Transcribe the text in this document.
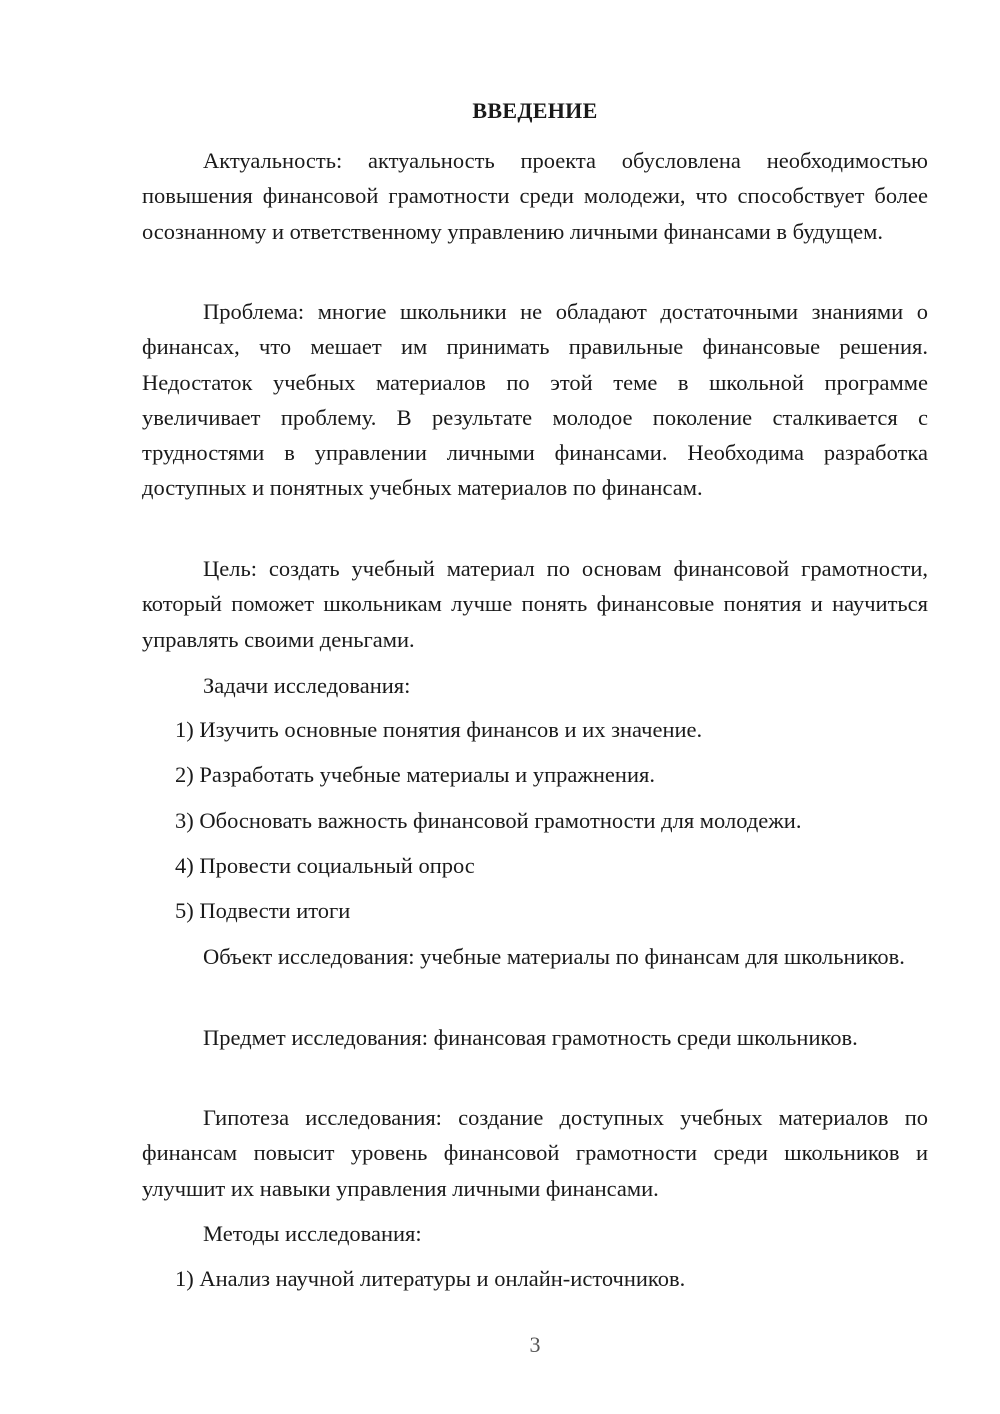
ВВЕДЕНИЕ

Актуальность: актуальность проекта обусловлена необходимостью повышения финансовой грамотности среди молодежи, что способствует более осознанному и ответственному управлению личными финансами в будущем.

Проблема: многие школьники не обладают достаточными знаниями о финансах, что мешает им принимать правильные финансовые решения. Недостаток учебных материалов по этой теме в школьной программе увеличивает проблему. В результате молодое поколение сталкивается с трудностями в управлении личными финансами. Необходима разработка доступных и понятных учебных материалов по финансам.

Цель: создать учебный материал по основам финансовой грамотности, который поможет школьникам лучше понять финансовые понятия и научиться управлять своими деньгами.

Задачи исследования:

1) Изучить основные понятия финансов и их значение.

2) Разработать учебные материалы и упражнения.

3) Обосновать важность финансовой грамотности для молодежи.

4) Провести социальный опрос

5) Подвести итоги

Объект исследования: учебные материалы по финансам для школьников.

Предмет исследования: финансовая грамотность среди школьников.

Гипотеза исследования: создание доступных учебных материалов по финансам повысит уровень финансовой грамотности среди школьников и улучшит их навыки управления личными финансами.

Методы исследования:

1) Анализ научной литературы и онлайн-источников.

3
